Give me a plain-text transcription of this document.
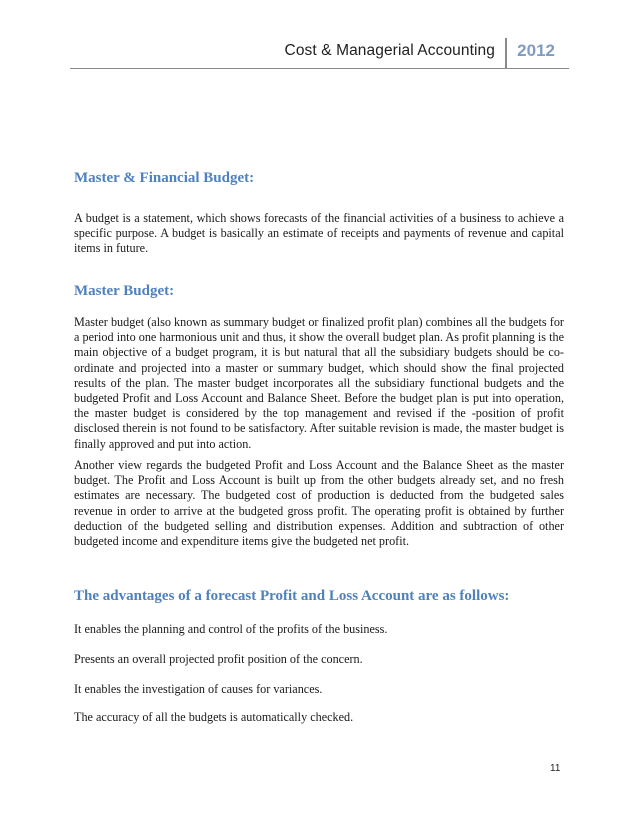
Cost & Managerial Accounting 2012
Master & Financial Budget:
A budget is a statement, which shows forecasts of the financial activities of a business to achieve a specific purpose. A budget is basically an estimate of receipts and payments of revenue and capital items in future.
Master Budget:
Master budget (also known as summary budget or finalized profit plan) combines all the budgets for a period into one harmonious unit and thus, it show the overall budget plan. As profit planning is the main objective of a budget program, it is but natural that all the subsidiary budgets should be co-ordinate and projected into a master or summary budget, which should show the final projected results of the plan. The master budget incorporates all the subsidiary functional budgets and the budgeted Profit and Loss Account and Balance Sheet. Before the budget plan is put into operation, the master budget is considered by the top management and revised if the -position of profit disclosed therein is not found to be satisfactory. After suitable revision is made, the master budget is finally approved and put into action.
Another view regards the budgeted Profit and Loss Account and the Balance Sheet as the master budget. The Profit and Loss Account is built up from the other budgets already set, and no fresh estimates are necessary. The budgeted cost of production is deducted from the budgeted sales revenue in order to arrive at the budgeted gross profit. The operating profit is obtained by further deduction of the budgeted selling and distribution expenses. Addition and subtraction of other budgeted income and expenditure items give the budgeted net profit.
The advantages of a forecast Profit and Loss Account are as follows:
It enables the planning and control of the profits of the business.
Presents an overall projected profit position of the concern.
It enables the investigation of causes for variances.
The accuracy of all the budgets is automatically checked.
11
